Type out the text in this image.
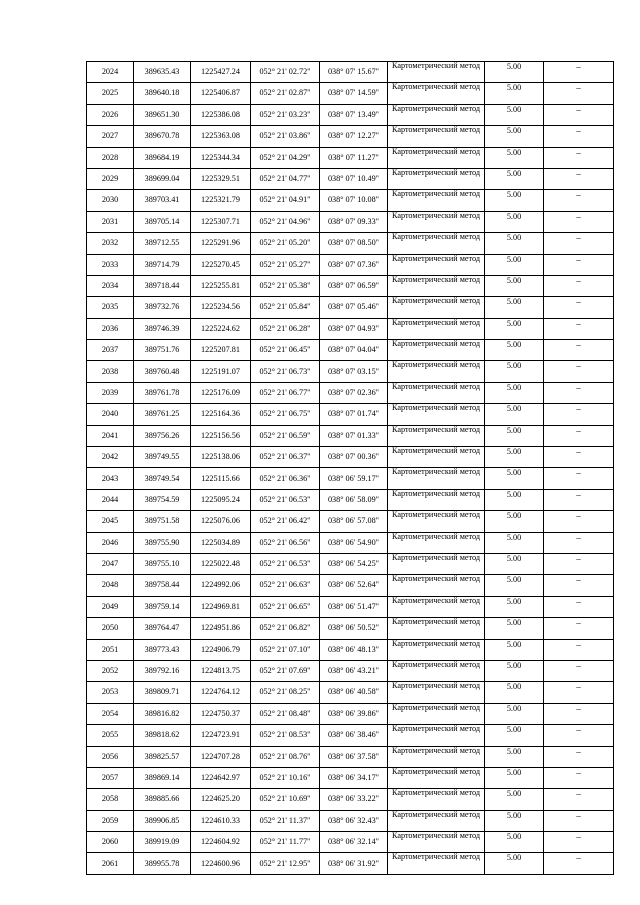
2024	389635.43	1225427.24	052° 21' 02.72"	038° 07' 15.67"	Картометрический метод	5.00	–
2025	389640.18	1225406.87	052° 21' 02.87"	038° 07' 14.59"	Картометрический метод	5.00	–
2026	389651.30	1225386.08	052° 21' 03.23"	038° 07' 13.49"	Картометрический метод	5.00	–
2027	389670.78	1225363.08	052° 21' 03.86"	038° 07' 12.27"	Картометрический метод	5.00	–
2028	389684.19	1225344.34	052° 21' 04.29"	038° 07' 11.27"	Картометрический метод	5.00	–
2029	389699.04	1225329.51	052° 21' 04.77"	038° 07' 10.49"	Картометрический метод	5.00	–
2030	389703.41	1225321.79	052° 21' 04.91"	038° 07' 10.08"	Картометрический метод	5.00	–
2031	389705.14	1225307.71	052° 21' 04.96"	038° 07' 09.33"	Картометрический метод	5.00	–
2032	389712.55	1225291.96	052° 21' 05.20"	038° 07' 08.50"	Картометрический метод	5.00	–
2033	389714.79	1225270.45	052° 21' 05.27"	038° 07' 07.36"	Картометрический метод	5.00	–
2034	389718.44	1225255.81	052° 21' 05.38"	038° 07' 06.59"	Картометрический метод	5.00	–
2035	389732.76	1225234.56	052° 21' 05.84"	038° 07' 05.46"	Картометрический метод	5.00	–
2036	389746.39	1225224.62	052° 21' 06.28"	038° 07' 04.93"	Картометрический метод	5.00	–
2037	389751.76	1225207.81	052° 21' 06.45"	038° 07' 04.04"	Картометрический метод	5.00	–
2038	389760.48	1225191.07	052° 21' 06.73"	038° 07' 03.15"	Картометрический метод	5.00	–
2039	389761.78	1225176.09	052° 21' 06.77"	038° 07' 02.36"	Картометрический метод	5.00	–
2040	389761.25	1225164.36	052° 21' 06.75"	038° 07' 01.74"	Картометрический метод	5.00	–
2041	389756.26	1225156.56	052° 21' 06.59"	038° 07' 01.33"	Картометрический метод	5.00	–
2042	389749.55	1225138.06	052° 21' 06.37"	038° 07' 00.36"	Картометрический метод	5.00	–
2043	389749.54	1225115.66	052° 21' 06.36"	038° 06' 59.17"	Картометрический метод	5.00	–
2044	389754.59	1225095.24	052° 21' 06.53"	038° 06' 58.09"	Картометрический метод	5.00	–
2045	389751.58	1225076.06	052° 21' 06.42"	038° 06' 57.08"	Картометрический метод	5.00	–
2046	389755.90	1225034.89	052° 21' 06.56"	038° 06' 54.90"	Картометрический метод	5.00	–
2047	389755.10	1225022.48	052° 21' 06.53"	038° 06' 54.25"	Картометрический метод	5.00	–
2048	389758.44	1224992.06	052° 21' 06.63"	038° 06' 52.64"	Картометрический метод	5.00	–
2049	389759.14	1224969.81	052° 21' 06.65"	038° 06' 51.47"	Картометрический метод	5.00	–
2050	389764.47	1224951.86	052° 21' 06.82"	038° 06' 50.52"	Картометрический метод	5.00	–
2051	389773.43	1224906.79	052° 21' 07.10"	038° 06' 48.13"	Картометрический метод	5.00	–
2052	389792.16	1224813.75	052° 21' 07.69"	038° 06' 43.21"	Картометрический метод	5.00	–
2053	389809.71	1224764.12	052° 21' 08.25"	038° 06' 40.58"	Картометрический метод	5.00	–
2054	389816.82	1224750.37	052° 21' 08.48"	038° 06' 39.86"	Картометрический метод	5.00	–
2055	389818.62	1224723.91	052° 21' 08.53"	038° 06' 38.46"	Картометрический метод	5.00	–
2056	389825.57	1224707.28	052° 21' 08.76"	038° 06' 37.58"	Картометрический метод	5.00	–
2057	389869.14	1224642.97	052° 21' 10.16"	038° 06' 34.17"	Картометрический метод	5.00	–
2058	389885.66	1224625.20	052° 21' 10.69"	038° 06' 33.22"	Картометрический метод	5.00	–
2059	389906.85	1224610.33	052° 21' 11.37"	038° 06' 32.43"	Картометрический метод	5.00	–
2060	389919.09	1224604.92	052° 21' 11.77"	038° 06' 32.14"	Картометрический метод	5.00	–
2061	389955.78	1224600.96	052° 21' 12.95"	038° 06' 31.92"	Картометрический метод	5.00	–
